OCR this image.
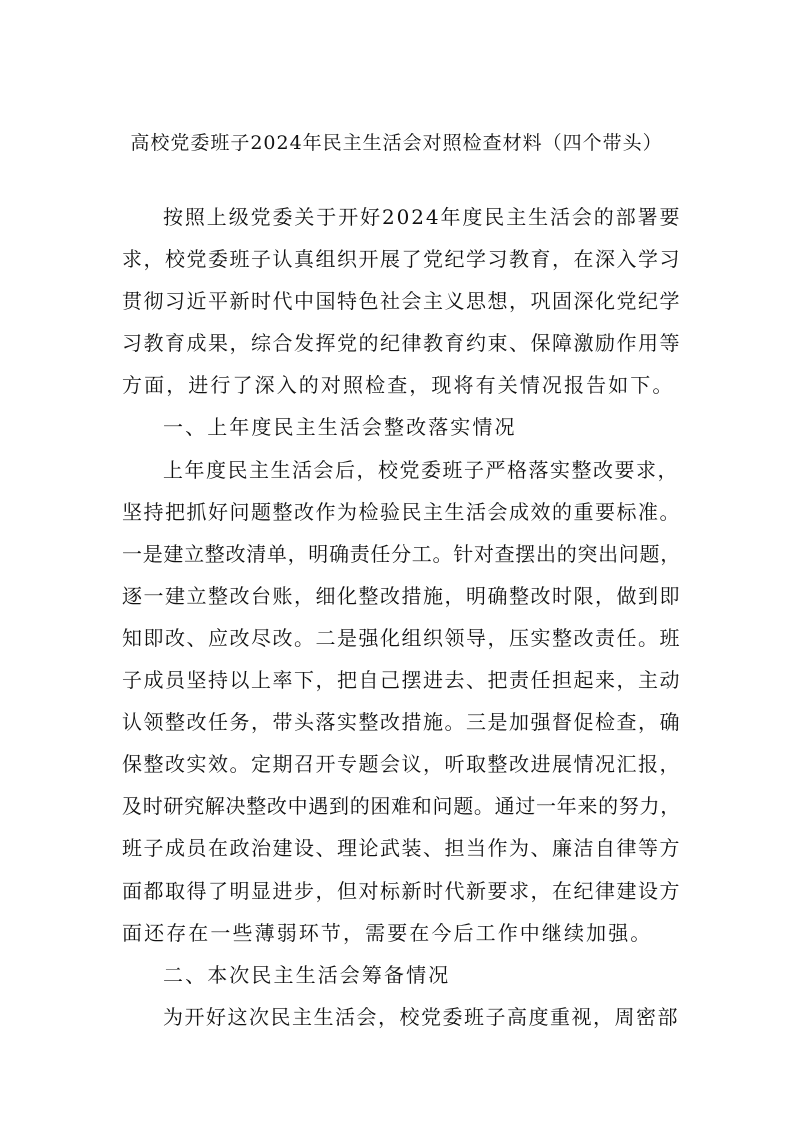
高校党委班子2024年民主生活会对照检查材料（四个带头）
按照上级党委关于开好2024年度民主生活会的部署要
求，校党委班子认真组织开展了党纪学习教育，在深入学习
贯彻习近平新时代中国特色社会主义思想，巩固深化党纪学
习教育成果，综合发挥党的纪律教育约束、保障激励作用等
方面，进行了深入的对照检查，现将有关情况报告如下。
一、上年度民主生活会整改落实情况
上年度民主生活会后，校党委班子严格落实整改要求，
坚持把抓好问题整改作为检验民主生活会成效的重要标准。
一是建立整改清单，明确责任分工。针对查摆出的突出问题，
逐一建立整改台账，细化整改措施，明确整改时限，做到即
知即改、应改尽改。二是强化组织领导，压实整改责任。班
子成员坚持以上率下，把自己摆进去、把责任担起来，主动
认领整改任务，带头落实整改措施。三是加强督促检查，确
保整改实效。定期召开专题会议，听取整改进展情况汇报，
及时研究解决整改中遇到的困难和问题。通过一年来的努力，
班子成员在政治建设、理论武装、担当作为、廉洁自律等方
面都取得了明显进步，但对标新时代新要求，在纪律建设方
面还存在一些薄弱环节，需要在今后工作中继续加强。
二、本次民主生活会筹备情况
为开好这次民主生活会，校党委班子高度重视，周密部
